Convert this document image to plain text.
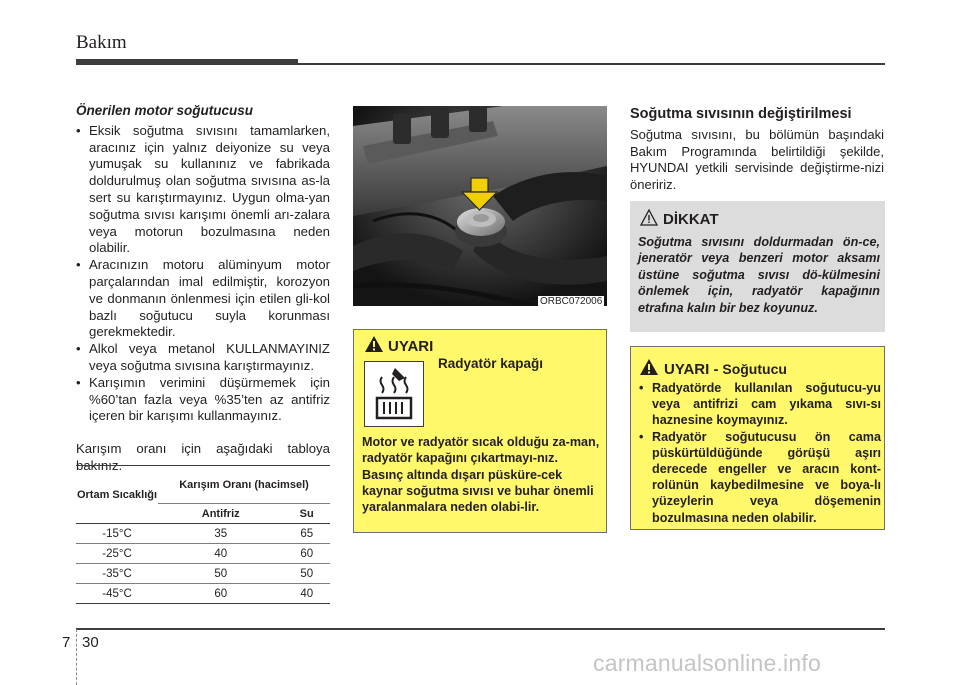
Bakım
Önerilen motor soğutucusu
• Eksik soğutma sıvısını tamamlarken, aracınız için yalnız deiyonize su veya yumuşak su kullanınız ve fabrikada doldurulmuş olan soğutma sıvısına as-la sert su karıştırmayınız. Uygun olma-yan soğutma sıvısı karışımı önemli arı-zalara veya motorun bozulmasına neden olabilir.
• Aracınızın motoru alüminyum motor parçalarından imal edilmiştir, korozyon ve donmanın önlenmesi için etilen gli-kol bazlı soğutucu suyla korunması gerekmektedir.
• Alkol veya metanol KULLANMAYINIZ veya soğutma sıvısına karıştırmayınız.
• Karışımın verimini düşürmemek için %60’tan fazla veya %35’ten az antifriz içeren bir karışımı kullanmayınız.

Karışım oranı için aşağıdaki tabloya bakınız.

Ortam Sıcaklığı	Karışım Oranı (hacimsel)	
	Antifriz	Su
-15°C	35	65
-25°C	40	60
-35°C	50	50
-45°C	60	40
ORBC072006
UYARI
Radyatör kapağı
Motor ve radyatör sıcak olduğu za-man, radyatör kapağını çıkartmayı-nız. Basınç altında dışarı püsküre-cek kaynar soğutma sıvısı ve buhar önemli yaralanmalara neden olabi-lir.
Soğutma sıvısının değiştirilmesi
Soğutma sıvısını, bu bölümün başındaki Bakım Programında belirtildiği şekilde, HYUNDAI yetkili servisinde değiştirme-nizi öneririz.
DİKKAT
Soğutma sıvısını doldurmadan ön-ce, jeneratör veya benzeri motor aksamı üstüne soğutma sıvısı dö-külmesini önlemek için, radyatör kapağının etrafına kalın bir bez koyunuz.
UYARI - Soğutucu
• Radyatörde kullanılan soğutucu-yu veya antifrizi cam yıkama sıvı-sı haznesine koymayınız.
• Radyatör soğutucusu ön cama püskürtüldüğünde görüşü aşırı derecede engeller ve aracın kont-rolünün kaybedilmesine ve boya-lı yüzeylerin veya döşemenin bozulmasına neden olabilir.
7 30
carmanualsonline.info
